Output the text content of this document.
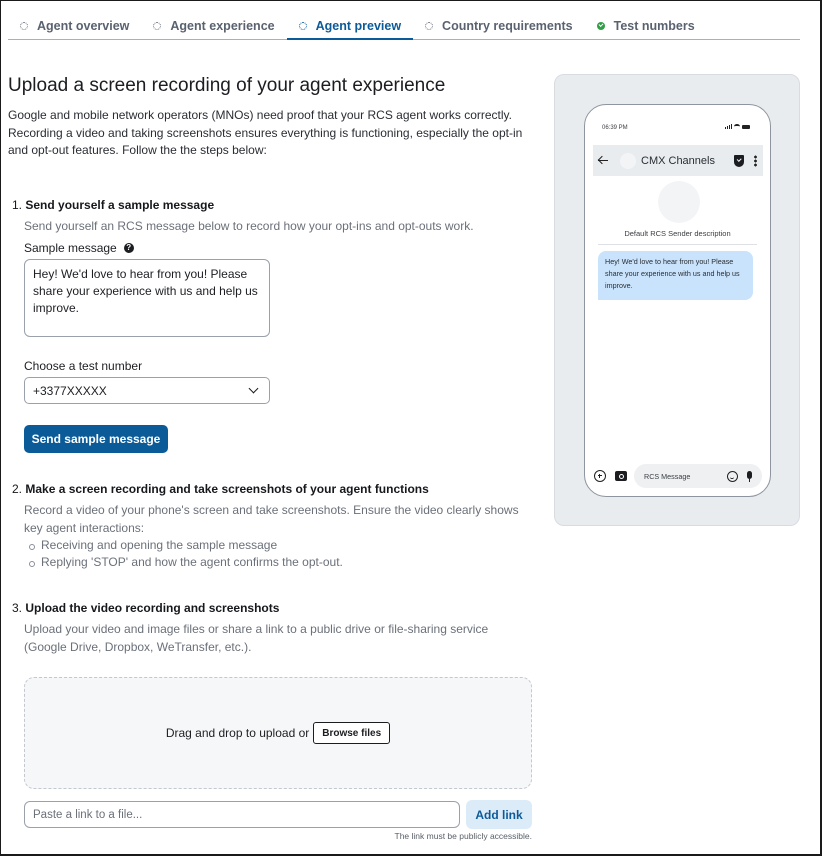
Agent overview	Agent experience	Agent preview	Country requirements	Test numbers
Upload a screen recording of your agent experience

Google and mobile network operators (MNOs) need proof that your RCS agent works correctly. Recording a video and taking screenshots ensures everything is functioning, especially the opt-in and opt-out features. Follow the the steps below:

1. Send yourself a sample message

Send yourself an RCS message below to record how your opt-ins and opt-outs work.

Sample message	?
Hey! We'd love to hear from you! Please share your experience with us and help us improve.
Choose a test number
+3377XXXXX
Send sample message
2. Make a screen recording and take screenshots of your agent functions

Record a video of your phone's screen and take screenshots. Ensure the video clearly shows key agent interactions:

Receiving and opening the sample message
Replying 'STOP' and how the agent confirms the opt-out.
3. Upload the video recording and screenshots

Upload your video and image files or share a link to a public drive or file-sharing service (Google Drive, Dropbox, WeTransfer, etc.).

Drag and drop to upload or	Browse files
Paste a link to a file...
Add link
The link must be publicly accessible.
06:39 PM
CMX Channels
Default RCS Sender description
Hey! We'd love to hear from you! Please share your experience with us and help us improve.
RCS Message
